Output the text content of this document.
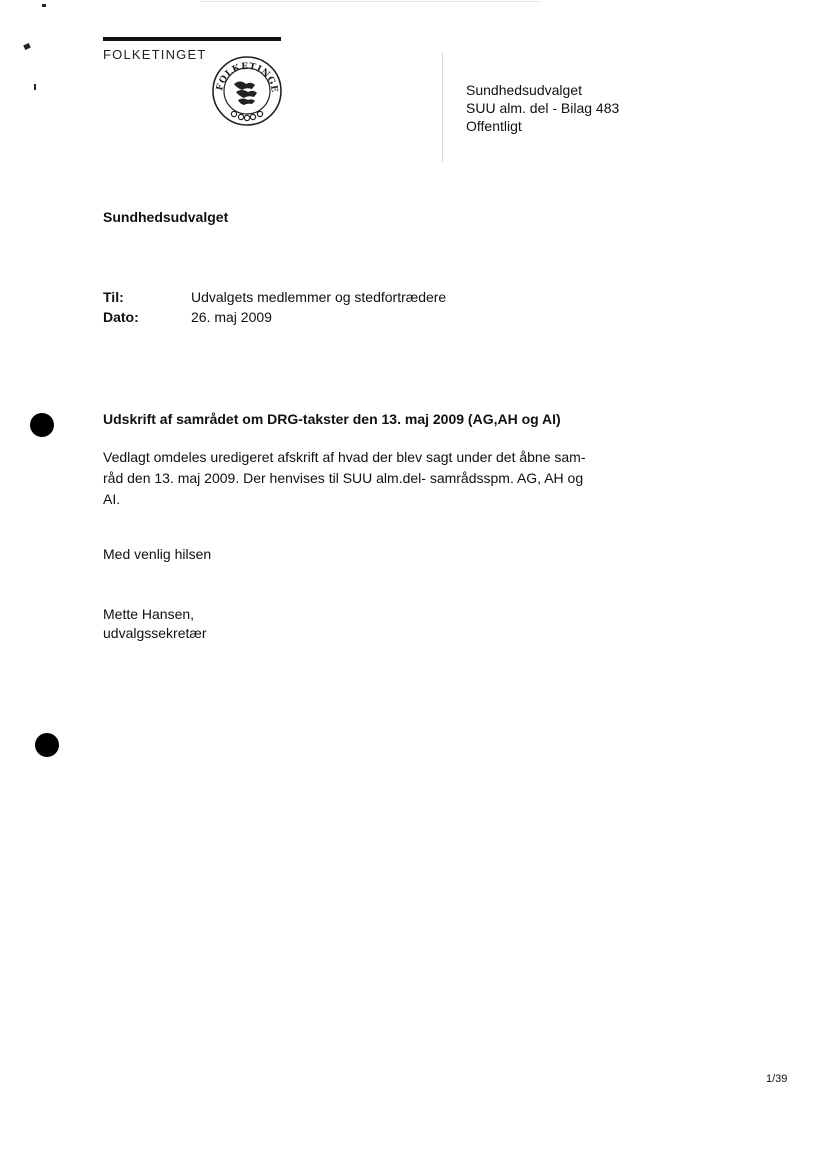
FOLKETINGET
FOLKETINGE	Sundhedsudvalget
SUU alm. del - Bilag 483
Offentligt
Sundhedsudvalget
Til:	Udvalgets medlemmer og stedfortrædere
Dato:	26. maj 2009
Udskrift af samrådet om DRG-takster den 13. maj 2009 (AG,AH og AI)
Vedlagt omdeles uredigeret afskrift af hvad der blev sagt under det åbne sam-
råd den 13. maj 2009. Der henvises til SUU alm.del- samrådsspm. AG, AH og
AI.
Med venlig hilsen
Mette Hansen,
udvalgssekretær
1/39
